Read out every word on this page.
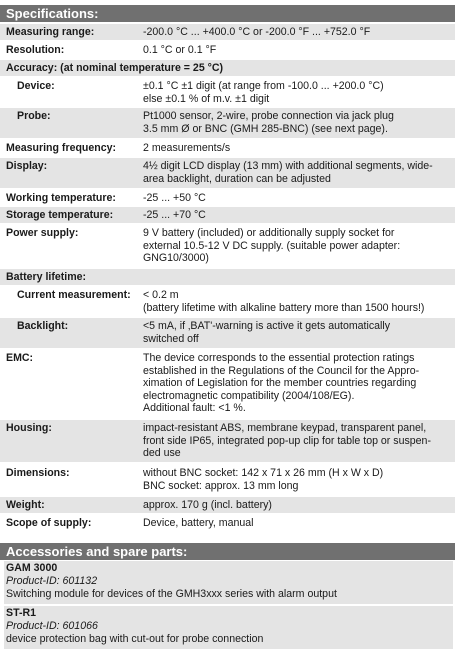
Specifications:
Measuring range:	-200.0 °C ... +400.0 °C or -200.0 °F ... +752.0 °F
Resolution:	0.1 °C or 0.1 °F
Accuracy: (at nominal temperature = 25 °C)
Device:	±0.1 °C ±1 digit (at range from -100.0 ... +200.0 °C)
else ±0.1 % of m.v. ±1 digit
Probe:	Pt1000 sensor, 2-wire, probe connection via jack plug
3.5 mm Ø or BNC (GMH 285-BNC) (see next page).
Measuring frequency:	2 measurements/s
Display:	4½ digit LCD display (13 mm) with additional segments, wide-
area backlight, duration can be adjusted
Working temperature:	-25 ... +50 °C
Storage temperature:	-25 ... +70 °C
Power supply:	9 V battery (included) or additionally supply socket for
external 10.5-12 V DC supply. (suitable power adapter:
GNG10/3000)
Battery lifetime:
Current measurement: < 0.2 m
(battery lifetime with alkaline battery more than 1500 hours!)
Backlight:	<5 mA, if ‚BAT'-warning is active it gets automatically
switched off
EMC:	The device corresponds to the essential protection ratings
established in the Regulations of the Council for the Appro-
ximation of Legislation for the member countries regarding
electromagnetic compatibility (2004/108/EG).
Additional fault: <1 %.
Housing:	impact-resistant ABS, membrane keypad, transparent panel,
front side IP65, integrated pop-up clip for table top or suspen-
ded use
Dimensions:	without BNC socket: 142 x 71 x 26 mm (H x W x D)
BNC socket: approx. 13 mm long
Weight:	approx. 170 g (incl. battery)
Scope of supply:	Device, battery, manual
Accessories and spare parts:
GAM 3000
Product-ID: 601132
Switching module for devices of the GMH3xxx series with alarm output
ST-R1
Product-ID: 601066
device protection bag with cut-out for probe connection
